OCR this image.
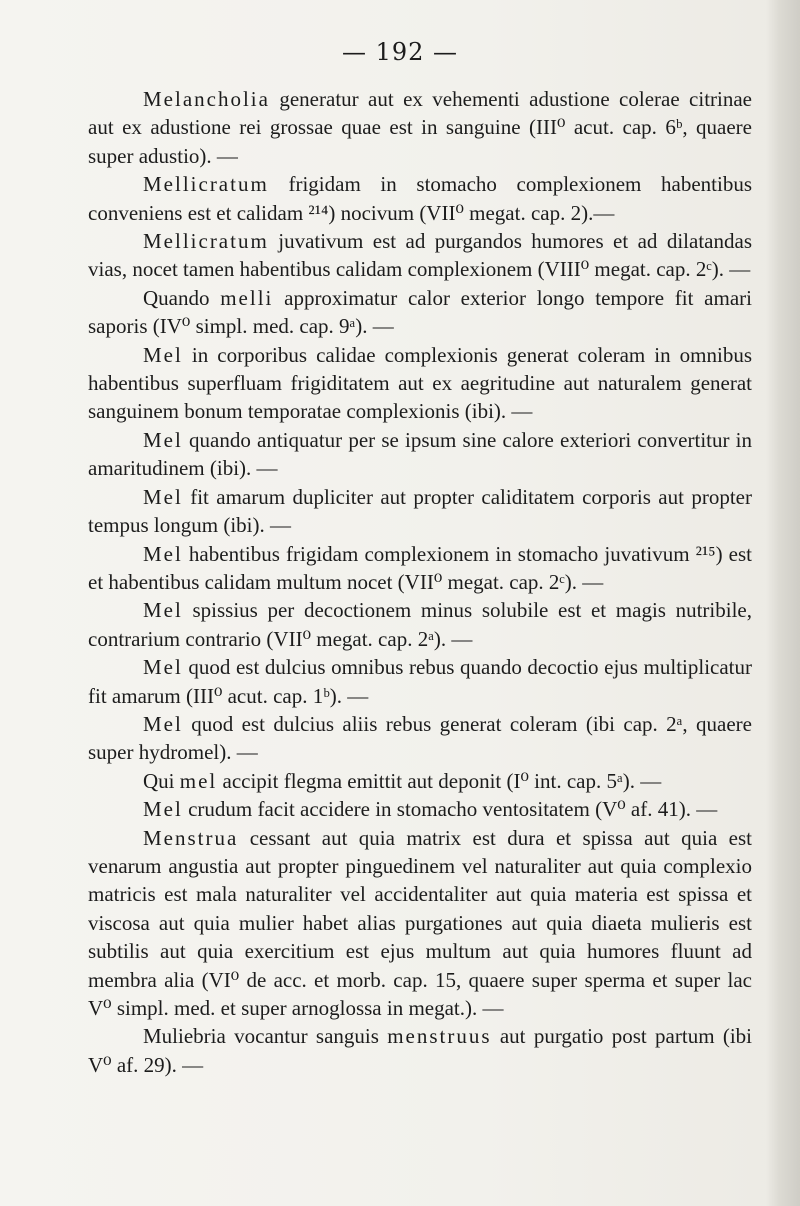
— 192 —

Melancholia generatur aut ex vehementi adustione colerae citrinae aut ex adustione rei grossae quae est in sanguine (III⁰ acut. cap. 6ᵇ, quaere super adustio). —

Mellicratum frigidam in stomacho complexionem habentibus conveniens est et calidam ²¹⁴) nocivum (VII⁰ megat. cap. 2).—

Mellicratum juvativum est ad purgandos humores et ad dilatandas vias, nocet tamen habentibus calidam complexionem (VIII⁰ megat. cap. 2ᶜ). —

Quando melli approximatur calor exterior longo tempore fit amari saporis (IV⁰ simpl. med. cap. 9ᵃ). —

Mel in corporibus calidae complexionis generat coleram in omnibus habentibus superfluam frigiditatem aut ex aegritudine aut naturalem generat sanguinem bonum temporatae complexionis (ibi). —

Mel quando antiquatur per se ipsum sine calore exteriori convertitur in amaritudinem (ibi). —

Mel fit amarum dupliciter aut propter caliditatem corporis aut propter tempus longum (ibi). —

Mel habentibus frigidam complexionem in stomacho juvativum ²¹⁵) est et habentibus calidam multum nocet (VII⁰ megat. cap. 2ᶜ). —

Mel spissius per decoctionem minus solubile est et magis nutribile, contrarium contrario (VII⁰ megat. cap. 2ᵃ). —

Mel quod est dulcius omnibus rebus quando decoctio ejus multiplicatur fit amarum (III⁰ acut. cap. 1ᵇ). —

Mel quod est dulcius aliis rebus generat coleram (ibi cap. 2ᵃ, quaere super hydromel). —

Qui mel accipit flegma emittit aut deponit (I⁰ int. cap. 5ᵃ). —

Mel crudum facit accidere in stomacho ventositatem (V⁰ af. 41). —

Menstrua cessant aut quia matrix est dura et spissa aut quia est venarum angustia aut propter pinguedinem vel naturaliter aut quia complexio matricis est mala naturaliter vel accidentaliter aut quia materia est spissa et viscosa aut quia mulier habet alias purgationes aut quia diaeta mulieris est subtilis aut quia exercitium est ejus multum aut quia humores fluunt ad membra alia (VI⁰ de acc. et morb. cap. 15, quaere super sperma et super lac V⁰ simpl. med. et super arnoglossa in megat.). —

Muliebria vocantur sanguis menstruus aut purgatio post partum (ibi V⁰ af. 29). —
